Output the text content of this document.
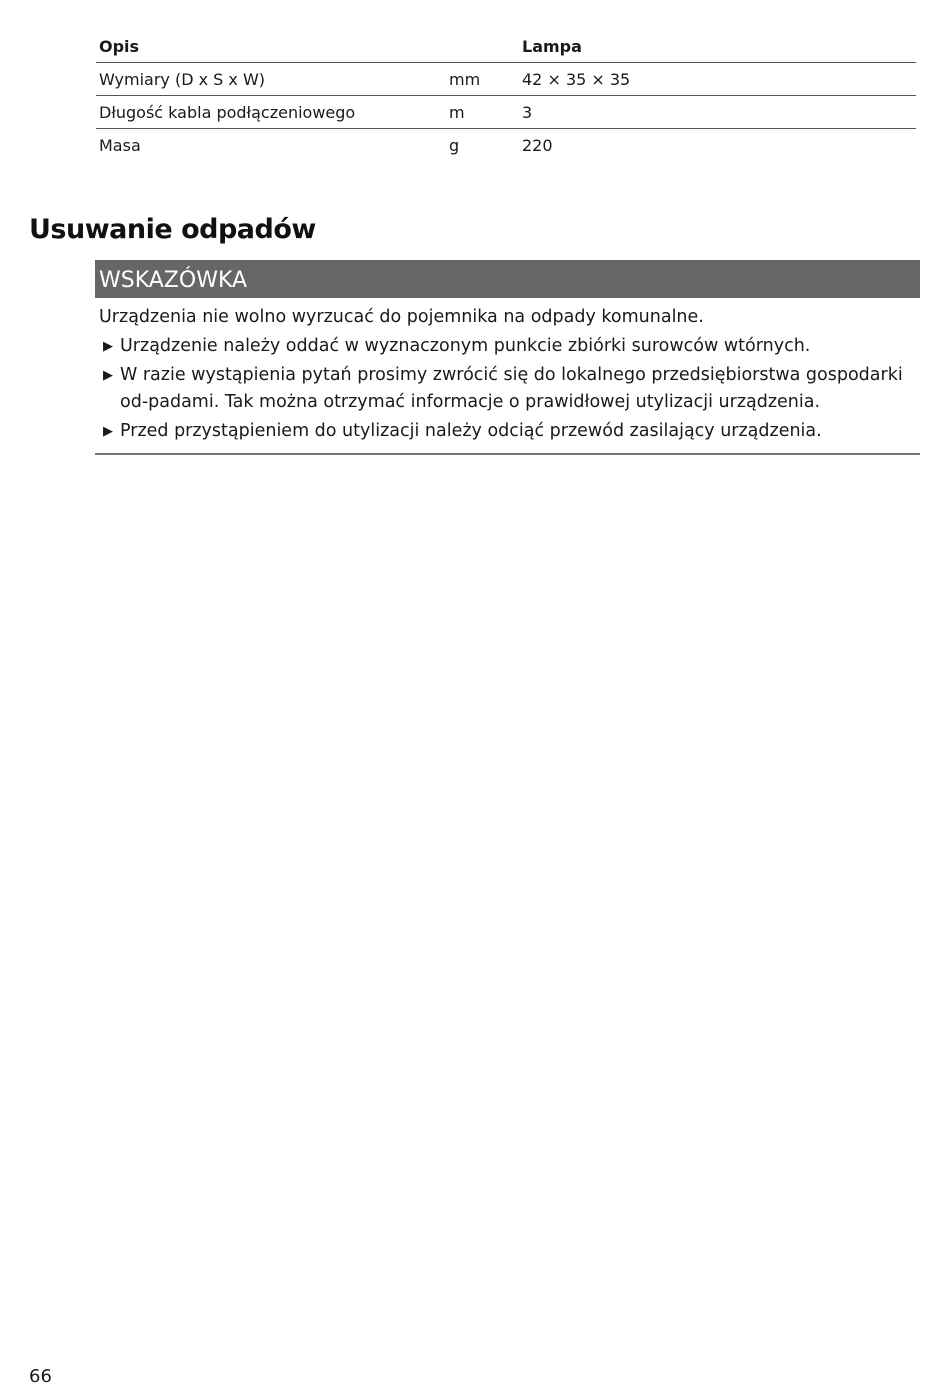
Opis		Lampa
Wymiary (D x S x W)	mm	42 × 35 × 35
Długość kabla podłączeniowego	m	3
Masa	g	220
Usuwanie odpadów
WSKAZÓWKA

Urządzenia nie wolno wyrzucać do pojemnika na odpady komunalne.

▶ Urządzenie należy oddać w wyznaczonym punkcie zbiórki surowców wtórnych.
▶ W razie wystąpienia pytań prosimy zwrócić się do lokalnego przedsiębiorstwa gospodarki od-padami. Tak można otrzymać informacje o prawidłowej utylizacji urządzenia.
▶ Przed przystąpieniem do utylizacji należy odciąć przewód zasilający urządzenia.
66
